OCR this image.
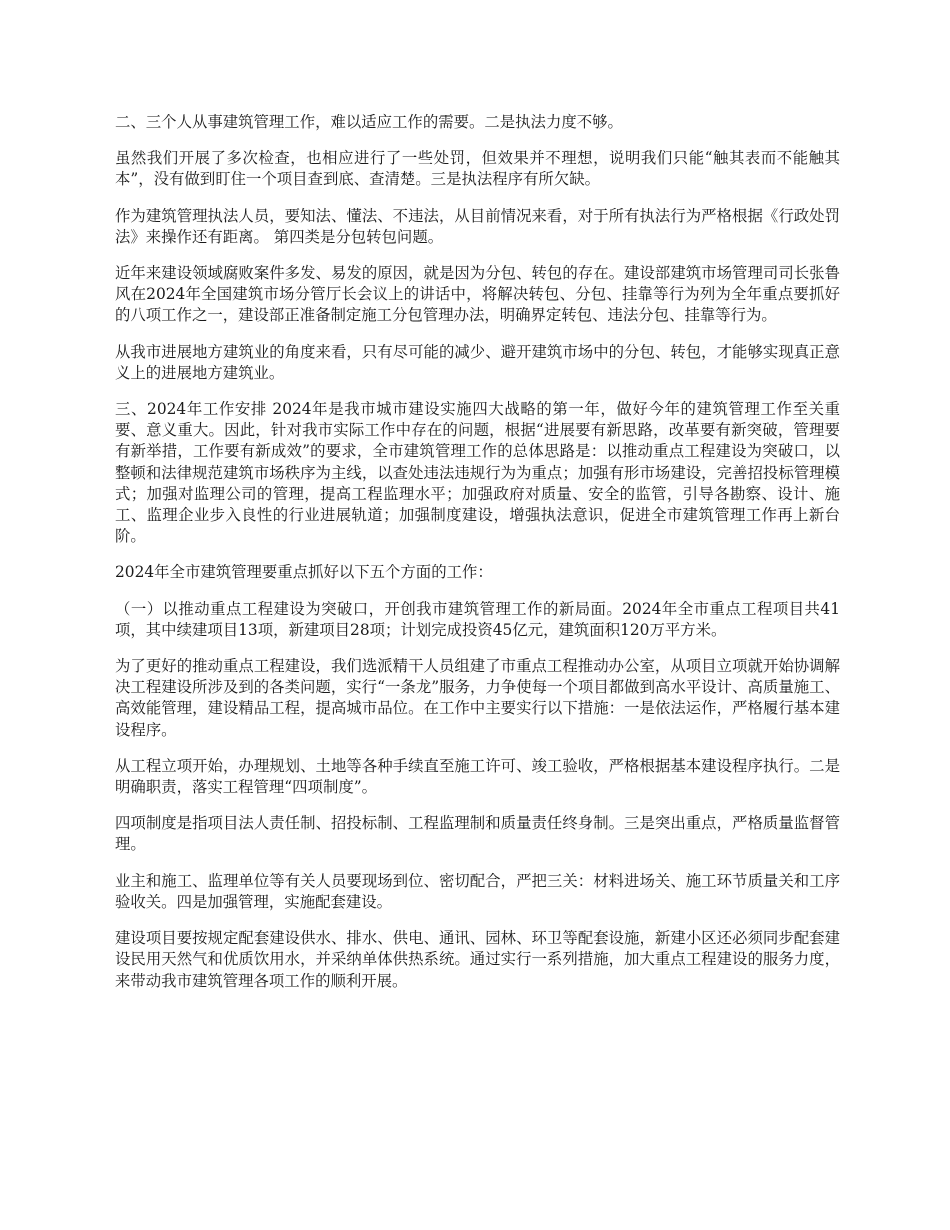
二、三个人从事建筑管理工作，难以适应工作的需要。二是执法力度不够。

虽然我们开展了多次检查，也相应进行了一些处罚，但效果并不理想，说明我们只能“触其表而不能触其本”，没有做到盯住一个项目查到底、查清楚。三是执法程序有所欠缺。

作为建筑管理执法人员，要知法、懂法、不违法，从目前情况来看，对于所有执法行为严格根据《行政处罚法》来操作还有距离。 第四类是分包转包问题。

近年来建设领域腐败案件多发、易发的原因，就是因为分包、转包的存在。建设部建筑市场管理司司长张鲁风在2024年全国建筑市场分管厅长会议上的讲话中，将解决转包、分包、挂靠等行为列为全年重点要抓好的八项工作之一，建设部正准备制定施工分包管理办法，明确界定转包、违法分包、挂靠等行为。

从我市进展地方建筑业的角度来看，只有尽可能的减少、避开建筑市场中的分包、转包，才能够实现真正意义上的进展地方建筑业。

三、2024年工作安排 2024年是我市城市建设实施四大战略的第一年，做好今年的建筑管理工作至关重要、意义重大。因此，针对我市实际工作中存在的问题，根据“进展要有新思路，改革要有新突破，管理要有新举措，工作要有新成效”的要求，全市建筑管理工作的总体思路是：以推动重点工程建设为突破口，以整顿和法律规范建筑市场秩序为主线，以查处违法违规行为为重点；加强有形市场建设，完善招投标管理模式；加强对监理公司的管理，提高工程监理水平；加强政府对质量、安全的监管，引导各勘察、设计、施工、监理企业步入良性的行业进展轨道；加强制度建设，增强执法意识，促进全市建筑管理工作再上新台阶。

2024年全市建筑管理要重点抓好以下五个方面的工作：

（一）以推动重点工程建设为突破口，开创我市建筑管理工作的新局面。2024年全市重点工程项目共41项，其中续建项目13项，新建项目28项；计划完成投资45亿元，建筑面积120万平方米。

为了更好的推动重点工程建设，我们选派精干人员组建了市重点工程推动办公室，从项目立项就开始协调解决工程建设所涉及到的各类问题，实行“一条龙”服务，力争使每一个项目都做到高水平设计、高质量施工、高效能管理，建设精品工程，提高城市品位。在工作中主要实行以下措施：一是依法运作，严格履行基本建设程序。

从工程立项开始，办理规划、土地等各种手续直至施工许可、竣工验收，严格根据基本建设程序执行。二是明确职责，落实工程管理“四项制度”。

四项制度是指项目法人责任制、招投标制、工程监理制和质量责任终身制。三是突出重点，严格质量监督管理。

业主和施工、监理单位等有关人员要现场到位、密切配合，严把三关：材料进场关、施工环节质量关和工序验收关。四是加强管理，实施配套建设。

建设项目要按规定配套建设供水、排水、供电、通讯、园林、环卫等配套设施，新建小区还必须同步配套建设民用天然气和优质饮用水，并采纳单体供热系统。通过实行一系列措施，加大重点工程建设的服务力度，来带动我市建筑管理各项工作的顺利开展。
